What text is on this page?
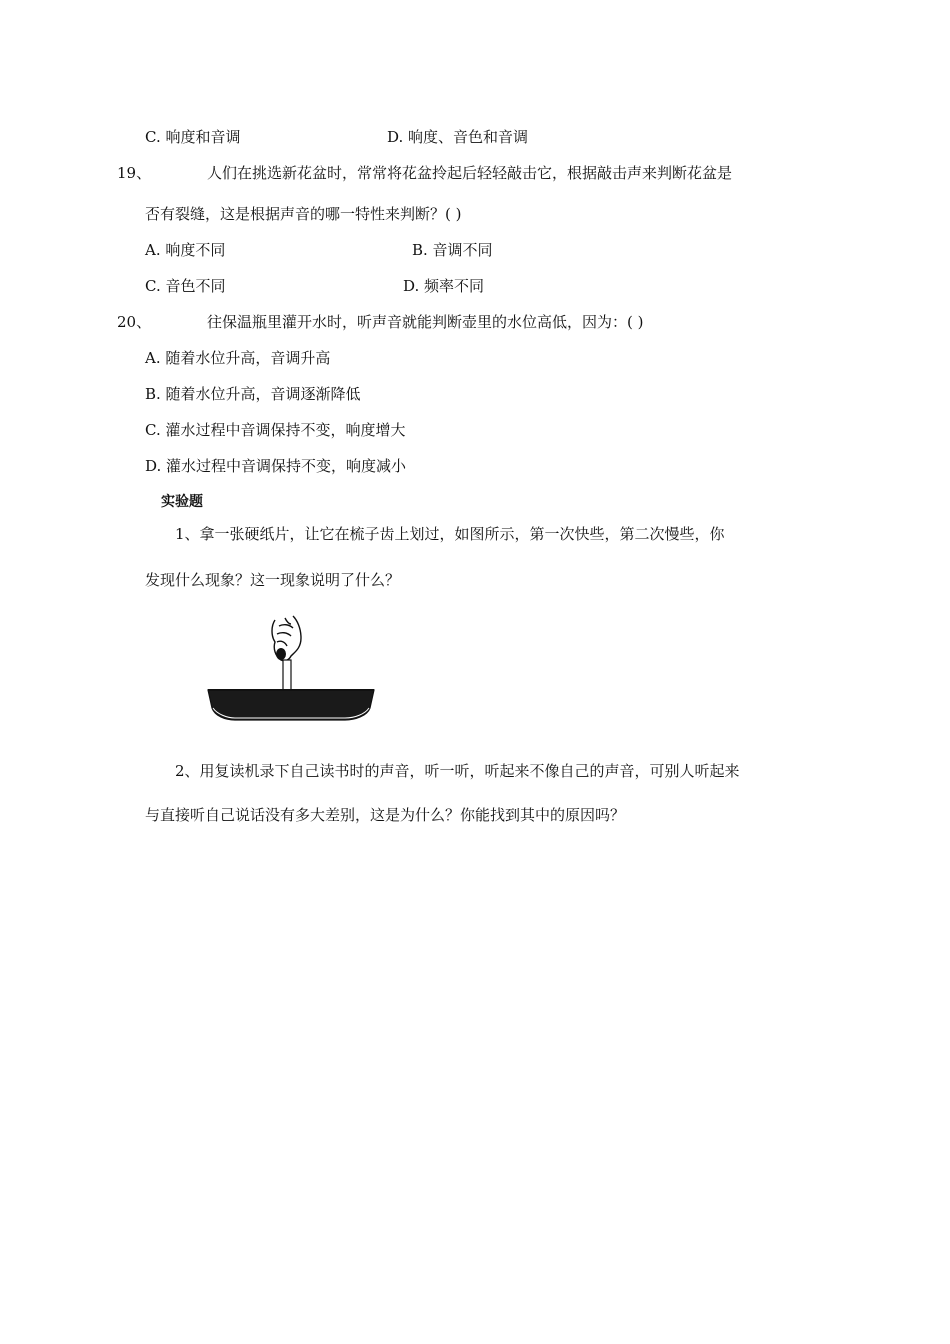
C. 响度和音调	D. 响度、音色和音调
19、	人们在挑选新花盆时，常常将花盆拎起后轻轻敲击它，根据敲击声来判断花盆是
否有裂缝，这是根据声音的哪一特性来判断？( )
A. 响度不同	B. 音调不同
C. 音色不同	D. 频率不同
20、	往保温瓶里灌开水时，听声音就能判断壶里的水位高低，因为：( )
A. 随着水位升高，音调升高
B. 随着水位升高，音调逐渐降低
C. 灌水过程中音调保持不变，响度增大
D. 灌水过程中音调保持不变，响度减小
实验题
1、拿一张硬纸片，让它在梳子齿上划过，如图所示，第一次快些，第二次慢些，你
发现什么现象？这一现象说明了什么？
2、用复读机录下自己读书时的声音，听一听，听起来不像自己的声音，可别人听起来
与直接听自己说话没有多大差别，这是为什么？你能找到其中的原因吗？
